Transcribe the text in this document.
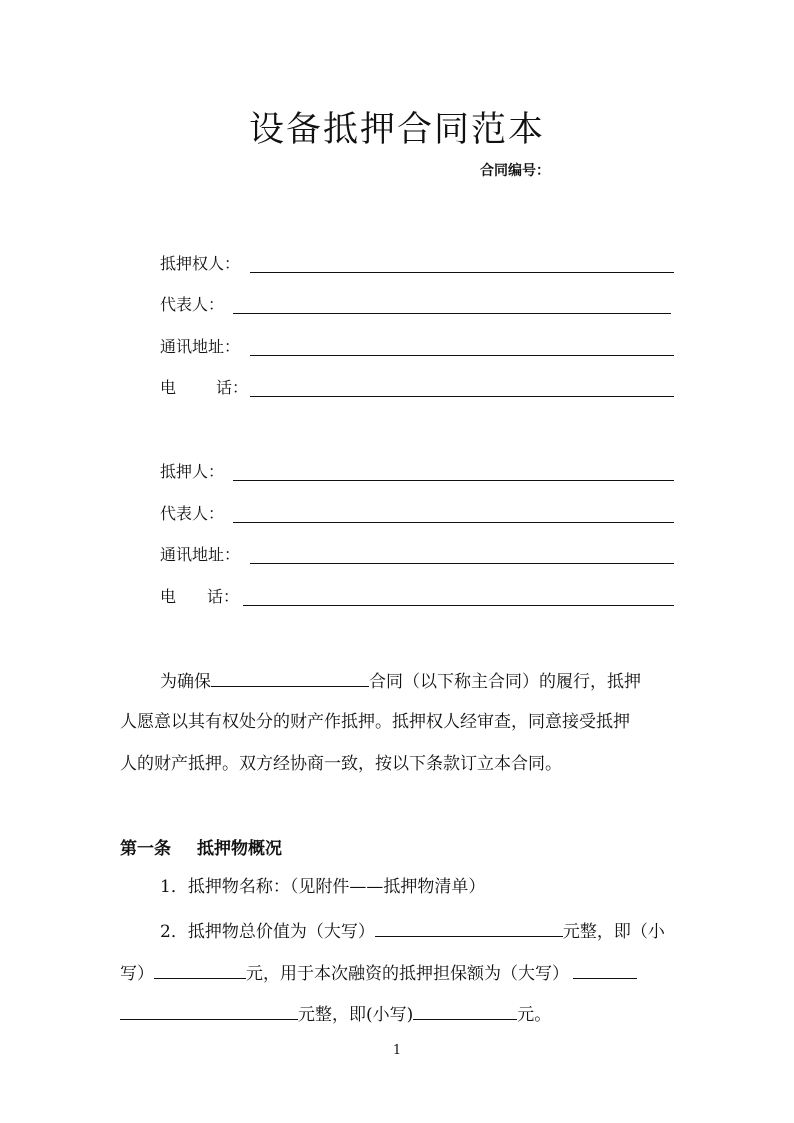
设备抵押合同范本
合同编号：
抵押权人：
代表人：
通讯地址：
电 话：
抵押人：
代表人：
通讯地址：
电 话：
为确保	合同（以下称主合同）的履行，抵押
人愿意以其有权处分的财产作抵押。抵押权人经审查，同意接受抵押
人的财产抵押。双方经协商一致，按以下条款订立本合同。
第一条 抵押物概况
1．抵押物名称：（见附件——抵押物清单）
2．抵押物总价值为（大写）	元整，即（小
写）	元，用于本次融资的抵押担保额为（大写）
元整，即(小写)	元。
1
